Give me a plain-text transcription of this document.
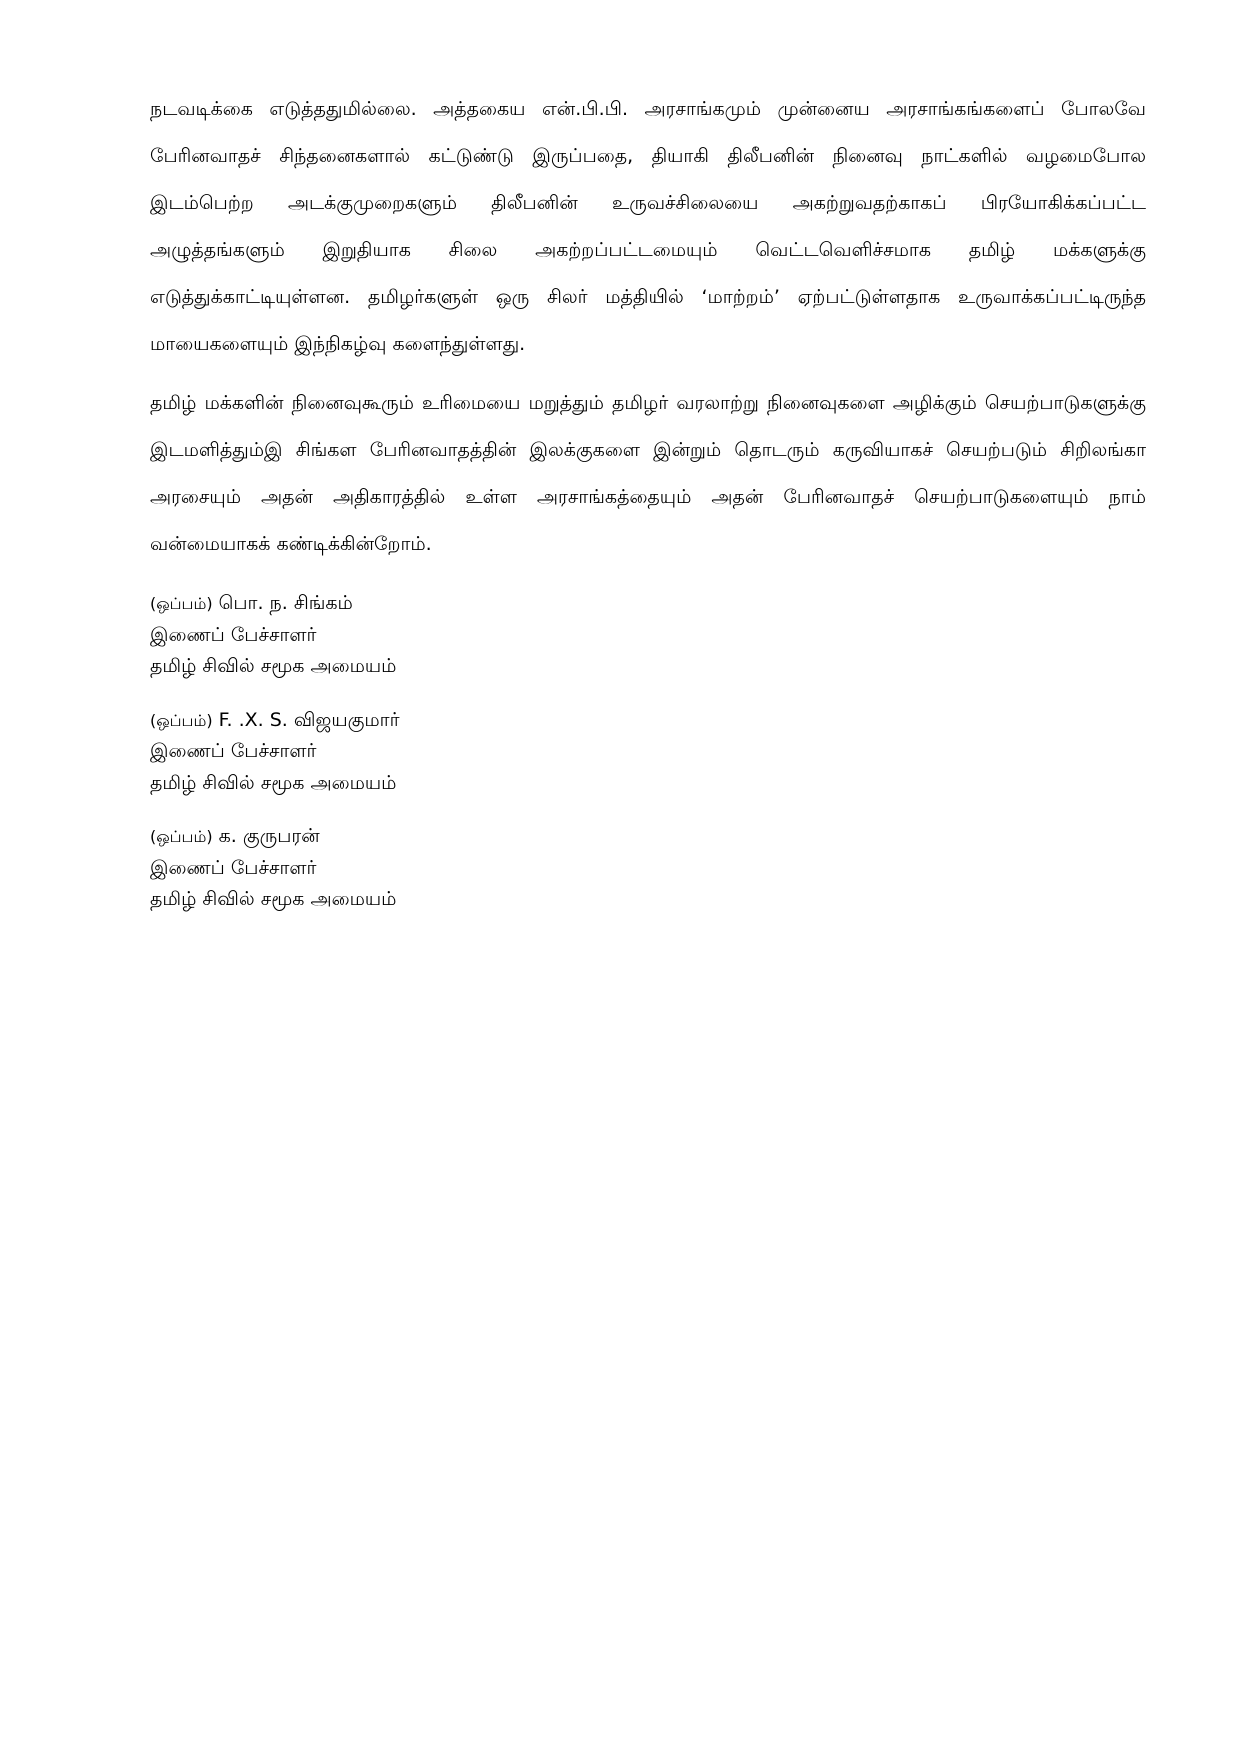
நடவடிக்கை எடுத்ததுமில்லை. அத்தகைய என்.பி.பி. அரசாங்கமும் முன்னைய அரசாங்கங்களைப் போலவே பேரினவாதச் சிந்தனைகளால் கட்டுண்டு இருப்பதை, தியாகி திலீபனின் நினைவு நாட்களில் வழமைபோல இடம்பெற்ற அடக்குமுறைகளும் திலீபனின் உருவச்சிலையை அகற்றுவதற்காகப் பிரயோகிக்கப்பட்ட அழுத்தங்களும் இறுதியாக சிலை அகற்றப்பட்டமையும் வெட்டவெளிச்சமாக தமிழ் மக்களுக்கு எடுத்துக்காட்டியுள்ளன. தமிழர்களுள் ஒரு சிலர் மத்தியில் ‘மாற்றம்’ ஏற்பட்டுள்ளதாக உருவாக்கப்பட்டிருந்த மாயைகளையும் இந்நிகழ்வு களைந்துள்ளது.

தமிழ் மக்களின் நினைவுகூரும் உரிமையை மறுத்தும் தமிழர் வரலாற்று நினைவுகளை அழிக்கும் செயற்பாடுகளுக்கு இடமளித்தும்இ சிங்கள பேரினவாதத்தின் இலக்குகளை இன்றும் தொடரும் கருவியாகச் செயற்படும் சிறிலங்கா அரசையும் அதன் அதிகாரத்தில் உள்ள அரசாங்கத்தையும் அதன் பேரினவாதச் செயற்பாடுகளையும் நாம் வன்மையாகக் கண்டிக்கின்றோம்.

(ஒப்பம்) பொ. ந. சிங்கம்
இணைப் பேச்சாளர்
தமிழ் சிவில் சமூக அமையம்
(ஒப்பம்) F. .X. S. விஜயகுமார்
இணைப் பேச்சாளர்
தமிழ் சிவில் சமூக அமையம்
(ஒப்பம்) க. குருபரன்
இணைப் பேச்சாளர்
தமிழ் சிவில் சமூக அமையம்
